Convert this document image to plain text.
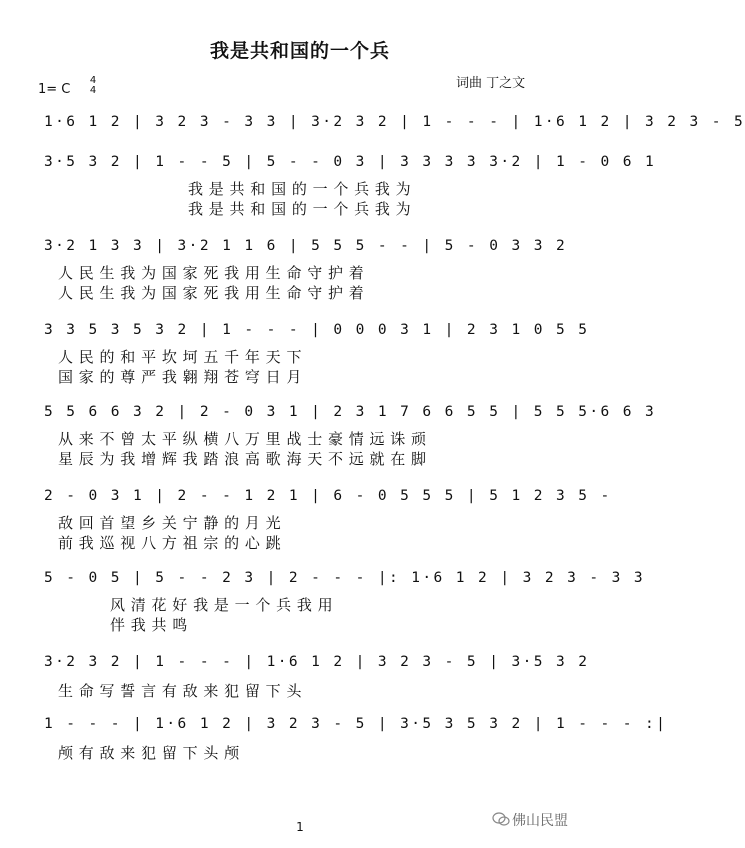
我是共和国的一个兵
1= C
4
4	词曲 丁之文
1·6 1 2 | 3 2 3 - 3 3 | 3·2 3 2 | 1 - - - | 1·6 1 2 | 3 2 3 - 5
3·5 3 2 | 1 - - 5 | 5 - - 0 3 | 3 3 3 3 3·2 | 1 - 0 6 1
我 是 共 和 国 的 一 个 兵 我 为
我 是 共 和 国 的 一 个 兵 我 为
3·2 1 3 3 | 3·2 1 1 6 | 5 5 5 - - | 5 - 0 3 3 2
人 民 生 我 为 国 家 死 我 用 生 命 守 护 着
人 民 生 我 为 国 家 死 我 用 生 命 守 护 着
3 3 5 3 5 3 2 | 1 - - - | 0 0 0 3 1 | 2 3 1 0 5 5
人 民 的 和 平 坎 坷 五 千 年 天 下
国 家 的 尊 严 我 翱 翔 苍 穹 日 月
5 5 6 6 3 2 | 2 - 0 3 1 | 2 3 1 7 6 6 5 5 | 5 5 5·6 6 3
从 来 不 曾 太 平 纵 横 八 万 里 战 士 豪 情 远 诛 顽
星 辰 为 我 增 辉 我 踏 浪 高 歌 海 天 不 远 就 在 脚
2 - 0 3 1 | 2 - - 1 2 1 | 6 - 0 5 5 5 | 5 1 2 3 5 -
敌 回 首 望 乡 关 宁 静 的 月 光
前 我 巡 视 八 方 祖 宗 的 心 跳
5 - 0 5 | 5 - - 2 3 | 2 - - - |: 1·6 1 2 | 3 2 3 - 3 3
风 清 花 好 我 是 一 个 兵 我 用
伴 我 共 鸣
3·2 3 2 | 1 - - - | 1·6 1 2 | 3 2 3 - 5 | 3·5 3 2
生 命 写 誓 言 有 敌 来 犯 留 下 头
1 - - - | 1·6 1 2 | 3 2 3 - 5 | 3·5 3 5 3 2 | 1 - - - :|
颅 有 敌 来 犯 留 下 头 颅
1	佛山民盟
